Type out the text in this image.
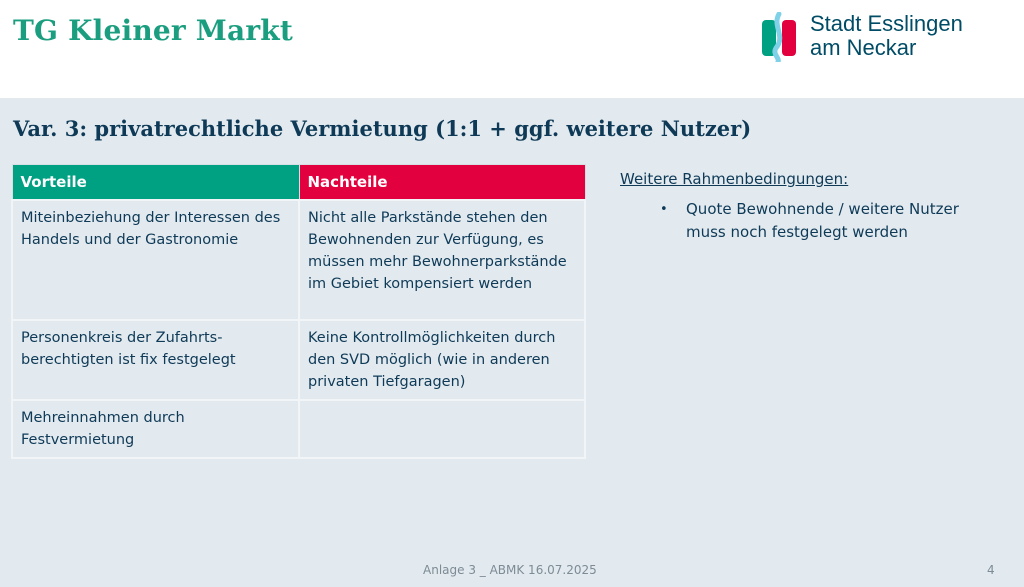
TG Kleiner Markt	Stadt Esslingen
am Neckar
Var. 3: privatrechtliche Vermietung (1:1 + ggf. weitere Nutzer)
Vorteile	Nachteile
Miteinbeziehung der Interessen des Handels und der Gastronomie	Nicht alle Parkstände stehen den Bewohnenden zur Verfügung, es müssen mehr Bewohnerparkstände im Gebiet kompensiert werden
Personenkreis der Zufahrts-berechtigten ist fix festgelegt	Keine Kontrollmöglichkeiten durch den SVD möglich (wie in anderen privaten Tiefgaragen)
Mehreinnahmen durch Festvermietung	
Weitere Rahmenbedingungen:
• Quote Bewohnende / weitere Nutzer muss noch festgelegt werden
Anlage 3 _ ABMK 16.07.2025	4
